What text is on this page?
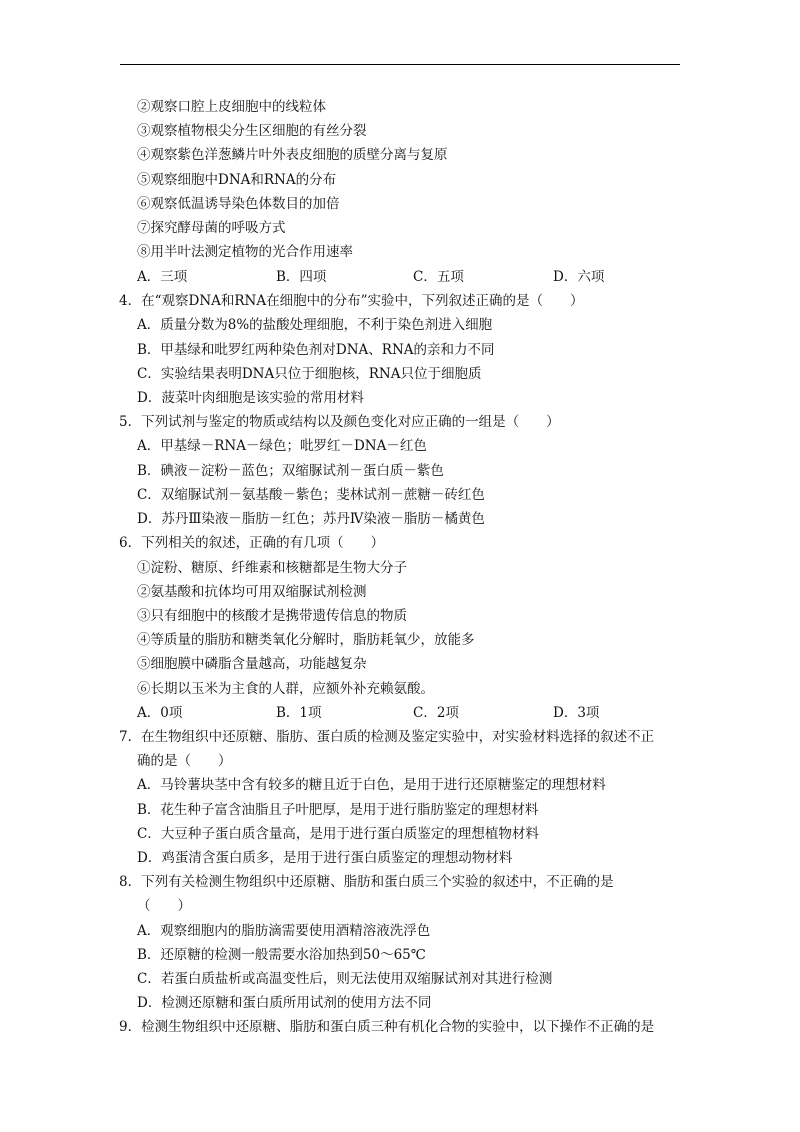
②观察口腔上皮细胞中的线粒体
③观察植物根尖分生区细胞的有丝分裂
④观察紫色洋葱鳞片叶外表皮细胞的质壁分离与复原
⑤观察细胞中DNA和RNA的分布
⑥观察低温诱导染色体数目的加倍
⑦探究酵母菌的呼吸方式
⑧用半叶法测定植物的光合作用速率
A．三项	B．四项	C．五项	D．六项
4．在“观察DNA和RNA在细胞中的分布”实验中，下列叙述正确的是（　　）
A．质量分数为8%的盐酸处理细胞，不利于染色剂进入细胞
B．甲基绿和吡罗红两种染色剂对DNA、RNA的亲和力不同
C．实验结果表明DNA只位于细胞核，RNA只位于细胞质
D．菠菜叶肉细胞是该实验的常用材料
5．下列试剂与鉴定的物质或结构以及颜色变化对应正确的一组是（　　）
A．甲基绿－RNA－绿色；吡罗红－DNA－红色
B．碘液－淀粉－蓝色；双缩脲试剂－蛋白质－紫色
C．双缩脲试剂－氨基酸－紫色；斐林试剂－蔗糖－砖红色
D．苏丹Ⅲ染液－脂肪－红色；苏丹Ⅳ染液－脂肪－橘黄色
6．下列相关的叙述，正确的有几项（　　）
①淀粉、糖原、纤维素和核糖都是生物大分子
②氨基酸和抗体均可用双缩脲试剂检测
③只有细胞中的核酸才是携带遗传信息的物质
④等质量的脂肪和糖类氧化分解时，脂肪耗氧少，放能多
⑤细胞膜中磷脂含量越高，功能越复杂
⑥长期以玉米为主食的人群，应额外补充赖氨酸。
A．0项	B．1项	C．2项	D．3项
7．在生物组织中还原糖、脂肪、蛋白质的检测及鉴定实验中，对实验材料选择的叙述不正
确的是（　　）
A．马铃薯块茎中含有较多的糖且近于白色，是用于进行还原糖鉴定的理想材料
B．花生种子富含油脂且子叶肥厚，是用于进行脂肪鉴定的理想材料
C．大豆种子蛋白质含量高，是用于进行蛋白质鉴定的理想植物材料
D．鸡蛋清含蛋白质多，是用于进行蛋白质鉴定的理想动物材料
8．下列有关检测生物组织中还原糖、脂肪和蛋白质三个实验的叙述中，不正确的是
（　　）
A．观察细胞内的脂肪滴需要使用酒精溶液洗浮色
B．还原糖的检测一般需要水浴加热到50～65℃
C．若蛋白质盐析或高温变性后，则无法使用双缩脲试剂对其进行检测
D．检测还原糖和蛋白质所用试剂的使用方法不同
9．检测生物组织中还原糖、脂肪和蛋白质三种有机化合物的实验中，以下操作不正确的是
